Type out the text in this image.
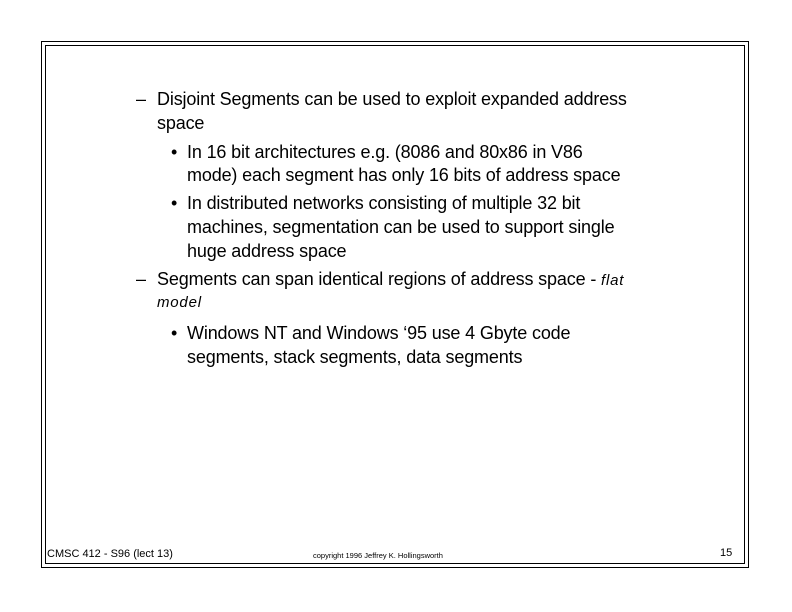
– Disjoint Segments can be used to exploit expanded address
space
• In 16 bit architectures e.g. (8086 and 80x86 in V86
mode) each segment has only 16 bits of address space
• In distributed networks consisting of multiple 32 bit
machines, segmentation can be used to support single
huge address space
– Segments can span identical regions of address space - flat
model
• Windows NT and Windows ‘95 use 4 Gbyte code
segments, stack segments, data segments
CMSC 412 - S96 (lect 13)	copyright 1996 Jeffrey K. Hollingsworth	15
